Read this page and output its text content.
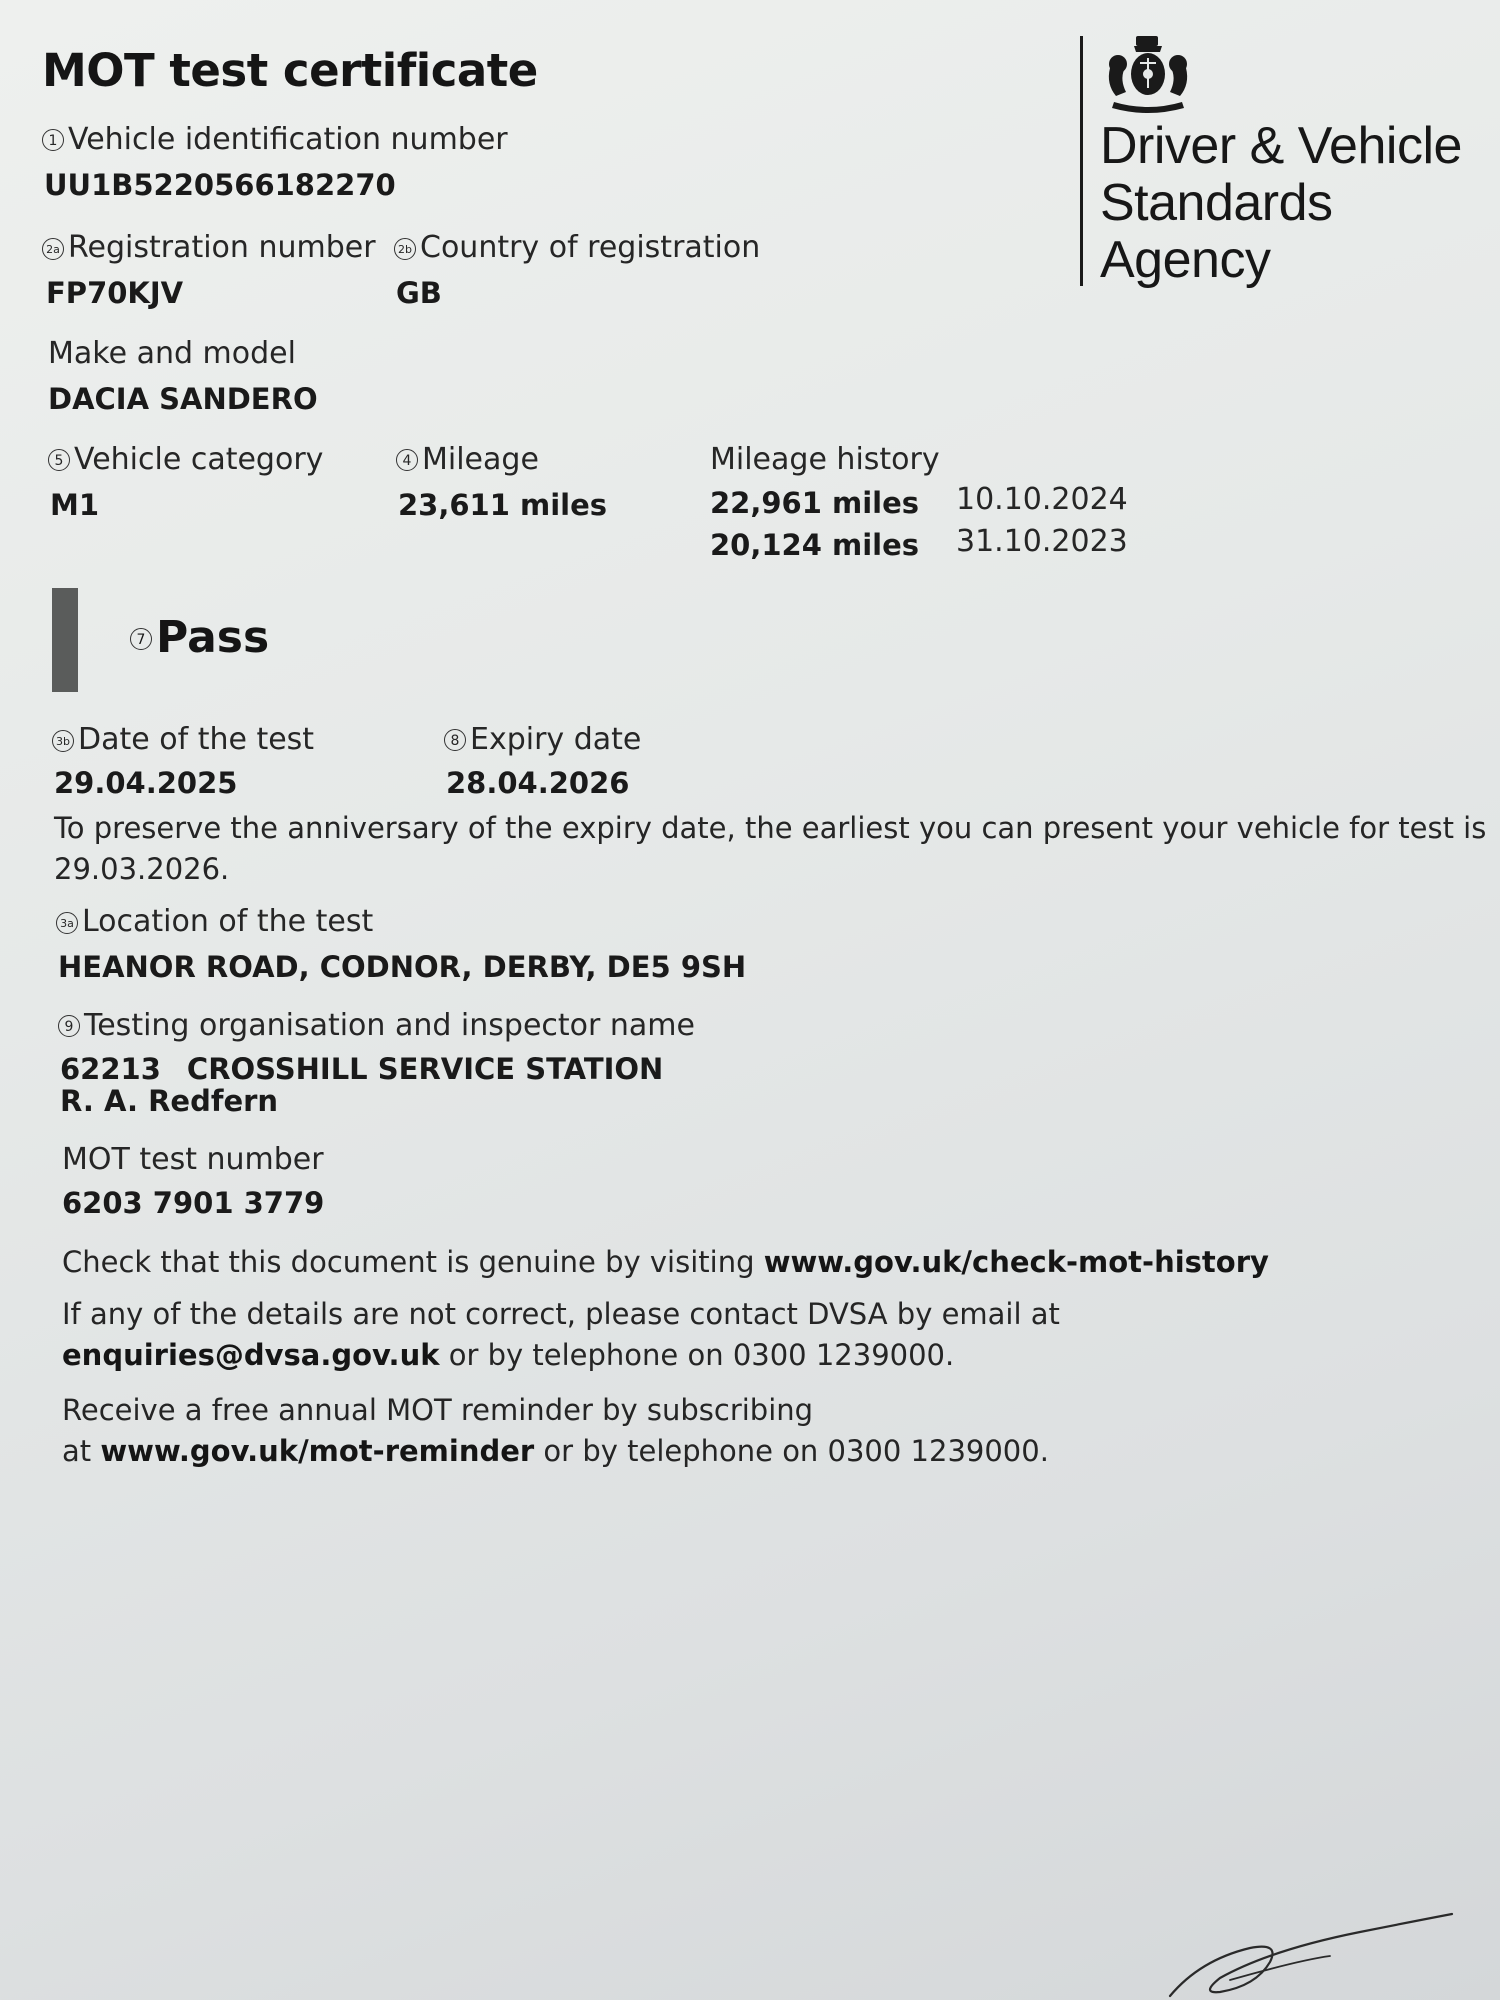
MOT test certificate
Driver & Vehicle
Standards
Agency
1 Vehicle identification number
UU1B5220566182270
2a Registration number
FP70KJV
2b Country of registration
GB
Make and model
DACIA SANDERO
5 Vehicle category
M1
4 Mileage
23,611 miles
Mileage history
22,961 miles 10.10.2024
20,124 miles 31.10.2023
7 Pass
3b Date of the test
29.04.2025
8 Expiry date
28.04.2026
To preserve the anniversary of the expiry date, the earliest you can present your vehicle for test is
29.03.2026.
3a Location of the test
HEANOR ROAD, CODNOR, DERBY, DE5 9SH
9 Testing organisation and inspector name
62213 CROSSHILL SERVICE STATION
R. A. Redfern
MOT test number
6203 7901 3779
Check that this document is genuine by visiting www.gov.uk/check-mot-history
If any of the details are not correct, please contact DVSA by email at
enquiries@dvsa.gov.uk or by telephone on 0300 1239000.
Receive a free annual MOT reminder by subscribing
at www.gov.uk/mot-reminder or by telephone on 0300 1239000.
